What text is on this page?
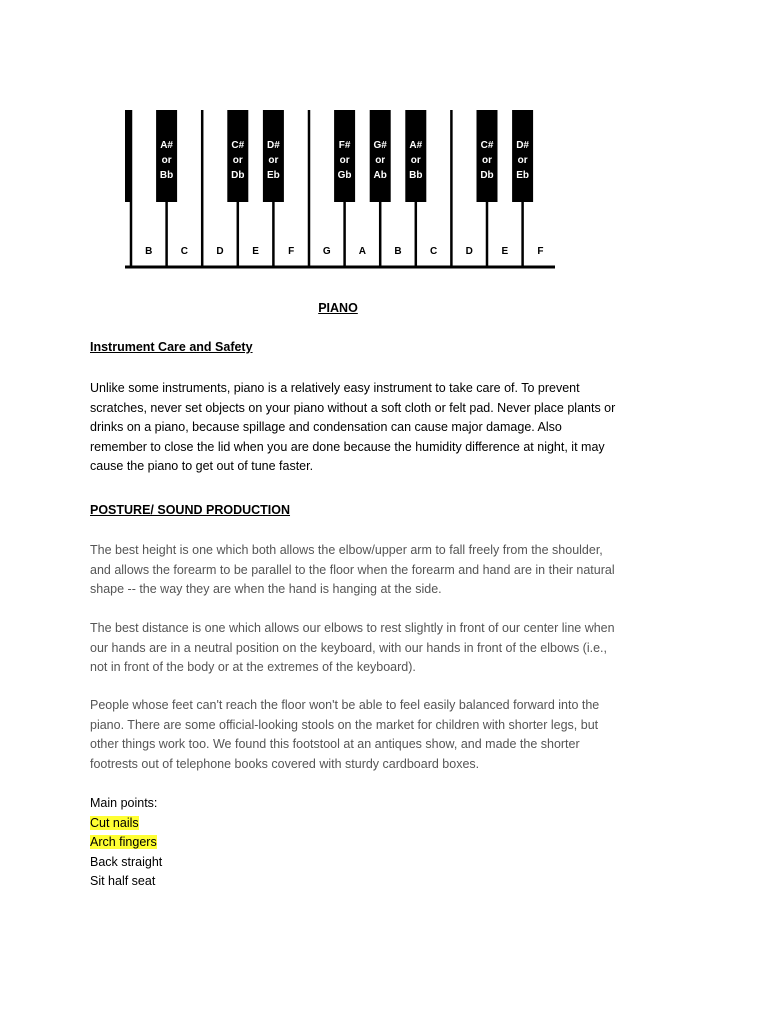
B	C	D	E	F	G	A	B	C	D	E	F
A#
or
Bb
C#
or
Db
D#
or
Eb
F#
or
Gb
G#
or
Ab
A#
or
Bb
C#
or
Db
D#
or
Eb
PIANO
Instrument Care and Safety

Unlike some instruments, piano is a relatively easy instrument to take care of. To prevent
scratches, never set objects on your piano without a soft cloth or felt pad. Never place plants or
drinks on a piano, because spillage and condensation can cause major damage. Also
remember to close the lid when you are done because the humidity difference at night, it may
cause the piano to get out of tune faster.

POSTURE/ SOUND PRODUCTION

The best height is one which both allows the elbow/upper arm to fall freely from the shoulder,
and allows the forearm to be parallel to the floor when the forearm and hand are in their natural
shape -- the way they are when the hand is hanging at the side.

The best distance is one which allows our elbows to rest slightly in front of our center line when
our hands are in a neutral position on the keyboard, with our hands in front of the elbows (i.e.,
not in front of the body or at the extremes of the keyboard).

People whose feet can't reach the floor won't be able to feel easily balanced forward into the
piano. There are some official-looking stools on the market for children with shorter legs, but
other things work too. We found this footstool at an antiques show, and made the shorter
footrests out of telephone books covered with sturdy cardboard boxes.

Main points:
Cut nails
Arch fingers
Back straight
Sit half seat
